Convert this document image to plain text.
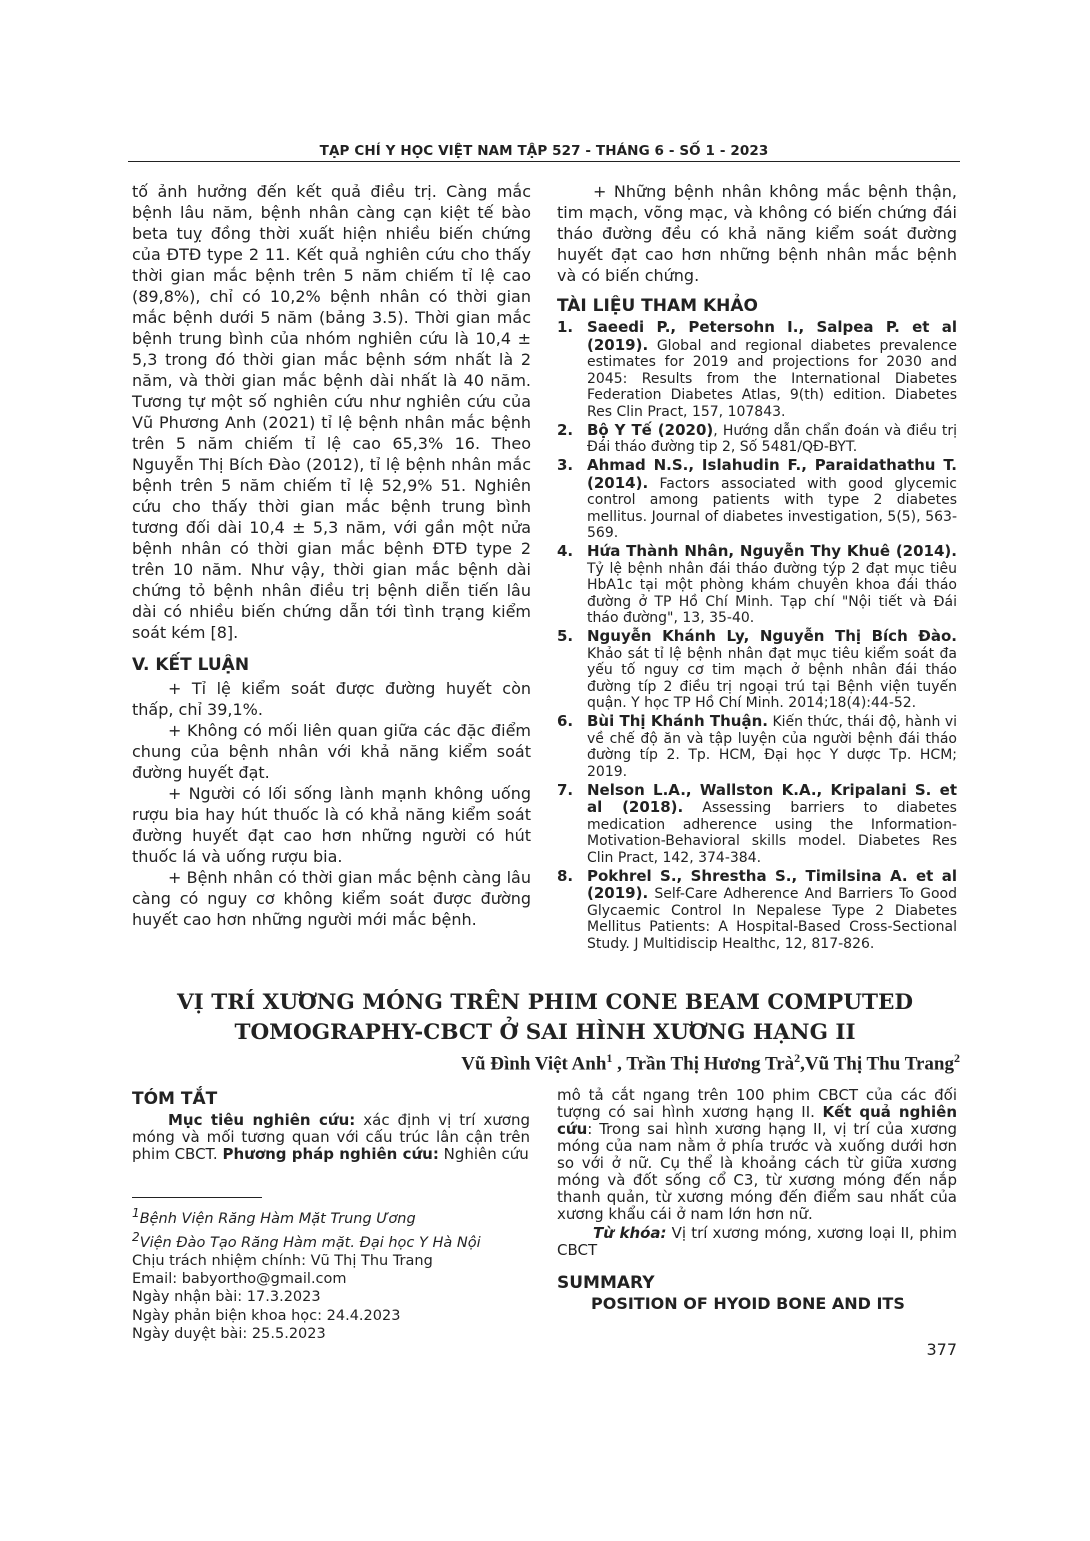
TẠP CHÍ Y HỌC VIỆT NAM TẬP 527 - THÁNG 6 - SỐ 1 - 2023

tố ảnh hưởng đến kết quả điều trị. Càng mắc bệnh lâu năm, bệnh nhân càng cạn kiệt tế bào beta tuỵ đồng thời xuất hiện nhiều biến chứng của ĐTĐ type 2 11. Kết quả nghiên cứu cho thấy thời gian mắc bệnh trên 5 năm chiếm tỉ lệ cao (89,8%), chỉ có 10,2% bệnh nhân có thời gian mắc bệnh dưới 5 năm (bảng 3.5). Thời gian mắc bệnh trung bình của nhóm nghiên cứu là 10,4 ± 5,3 trong đó thời gian mắc bệnh sớm nhất là 2 năm, và thời gian mắc bệnh dài nhất là 40 năm. Tương tự một số nghiên cứu như nghiên cứu của Vũ Phương Anh (2021) tỉ lệ bệnh nhân mắc bệnh trên 5 năm chiếm tỉ lệ cao 65,3% 16. Theo Nguyễn Thị Bích Đào (2012), tỉ lệ bệnh nhân mắc bệnh trên 5 năm chiếm tỉ lệ 52,9% 51. Nghiên cứu cho thấy thời gian mắc bệnh trung bình tương đối dài 10,4 ± 5,3 năm, với gần một nửa bệnh nhân có thời gian mắc bệnh ĐTĐ type 2 trên 10 năm. Như vậy, thời gian mắc bệnh dài chứng tỏ bệnh nhân điều trị bệnh diễn tiến lâu dài có nhiều biến chứng dẫn tới tình trạng kiểm soát kém [8].

V. KẾT LUẬN

+ Tỉ lệ kiểm soát được đường huyết còn thấp, chỉ 39,1%.

+ Không có mối liên quan giữa các đặc điểm chung của bệnh nhân với khả năng kiểm soát đường huyết đạt.

+ Người có lối sống lành mạnh không uống rượu bia hay hút thuốc là có khả năng kiểm soát đường huyết đạt cao hơn những người có hút thuốc lá và uống rượu bia.

+ Bệnh nhân có thời gian mắc bệnh càng lâu càng có nguy cơ không kiểm soát được đường huyết cao hơn những người mới mắc bệnh.

+ Những bệnh nhân không mắc bệnh thận, tim mạch, võng mạc, và không có biến chứng đái tháo đường đều có khả năng kiểm soát đường huyết đạt cao hơn những bệnh nhân mắc bệnh và có biến chứng.

TÀI LIỆU THAM KHẢO
1. Saeedi P., Petersohn I., Salpea P. et al (2019). Global and regional diabetes prevalence estimates for 2019 and projections for 2030 and 2045: Results from the International Diabetes Federation Diabetes Atlas, 9(th) edition. Diabetes Res Clin Pract, 157, 107843.
2. Bộ Y Tế (2020), Hướng dẫn chẩn đoán và điều trị Đái tháo đường tip 2, Số 5481/QĐ-BYT.
3. Ahmad N.S., Islahudin F., Paraidathathu T. (2014). Factors associated with good glycemic control among patients with type 2 diabetes mellitus. Journal of diabetes investigation, 5(5), 563-569.
4. Hứa Thành Nhân, Nguyễn Thy Khuê (2014). Tỷ lệ bệnh nhân đái tháo đường týp 2 đạt mục tiêu HbA1c tại một phòng khám chuyên khoa đái tháo đường ở TP Hồ Chí Minh. Tạp chí "Nội tiết và Đái tháo đường", 13, 35-40.
5. Nguyễn Khánh Ly, Nguyễn Thị Bích Đào. Khảo sát tỉ lệ bệnh nhân đạt mục tiêu kiểm soát đa yếu tố nguy cơ tim mạch ở bệnh nhân đái tháo đường típ 2 điều trị ngoại trú tại Bệnh viện tuyến quận. Y học TP Hồ Chí Minh. 2014;18(4):44-52.
6. Bùi Thị Khánh Thuận. Kiến thức, thái độ, hành vi về chế độ ăn và tập luyện của người bệnh đái tháo đường típ 2. Tp. HCM, Đại học Y dược Tp. HCM; 2019.
7. Nelson L.A., Wallston K.A., Kripalani S. et al (2018). Assessing barriers to diabetes medication adherence using the Information-Motivation-Behavioral skills model. Diabetes Res Clin Pract, 142, 374-384.
8. Pokhrel S., Shrestha S., Timilsina A. et al (2019). Self-Care Adherence And Barriers To Good Glycaemic Control In Nepalese Type 2 Diabetes Mellitus Patients: A Hospital-Based Cross-Sectional Study. J Multidiscip Healthc, 12, 817-826.
VỊ TRÍ XƯƠNG MÓNG TRÊN PHIM CONE BEAM COMPUTED
TOMOGRAPHY-CBCT Ở SAI HÌNH XƯƠNG HẠNG II
Vũ Đình Việt Anh$^1$ , Trần Thị Hương Trà$^2$,Vũ Thị Thu Trang$^2$
TÓM TẮT

Mục tiêu nghiên cứu: xác định vị trí xương móng và mối tương quan với cấu trúc lân cận trên phim CBCT. Phương pháp nghiên cứu: Nghiên cứu

$^1$Bệnh Viện Răng Hàm Mặt Trung Ương
$^2$Viện Đào Tạo Răng Hàm mặt. Đại học Y Hà Nội
Chịu trách nhiệm chính: Vũ Thị Thu Trang
Email: babyortho@gmail.com
Ngày nhận bài: 17.3.2023
Ngày phản biện khoa học: 24.4.2023
Ngày duyệt bài: 25.5.2023

mô tả cắt ngang trên 100 phim CBCT của các đối tượng có sai hình xương hạng II. Kết quả nghiên cứu: Trong sai hình xương hạng II, vị trí của xương móng của nam nằm ở phía trước và xuống dưới hơn so với ở nữ. Cụ thể là khoảng cách từ giữa xương móng và đốt sống cổ C3, từ xương móng đến nắp thanh quản, từ xương móng đến điểm sau nhất của xương khẩu cái ở nam lớn hơn nữ.

Từ khóa: Vị trí xương móng, xương loại II, phim CBCT

SUMMARY
POSITION OF HYOID BONE AND ITS
377
